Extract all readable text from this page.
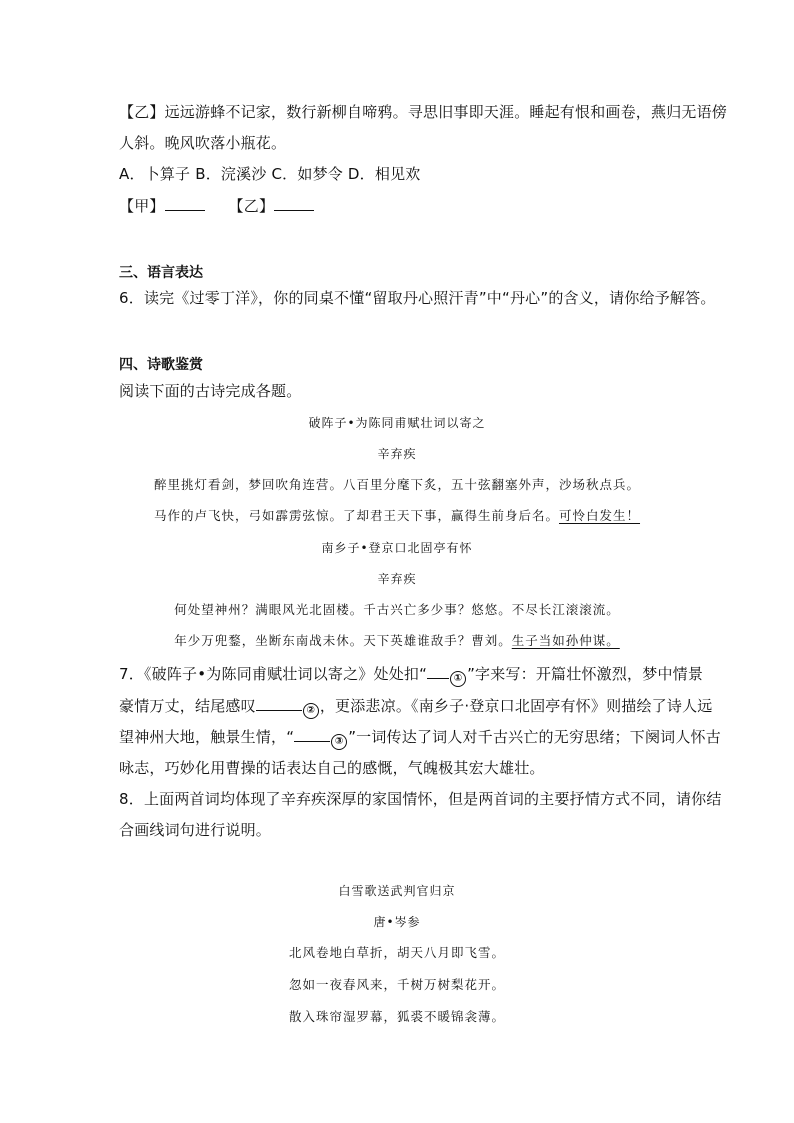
【乙】远远游蜂不记家，数行新柳自啼鸦。寻思旧事即天涯。睡起有恨和画卷，燕归无语傍
人斜。晚风吹落小瓶花。
A．卜算子 B．浣溪沙 C．如梦令 D．相见欢
【甲】	【乙】
三、语言表达
6．读完《过零丁洋》，你的同桌不懂“留取丹心照汗青”中“丹心”的含义，请你给予解答。
四、诗歌鉴赏
阅读下面的古诗完成各题。
破阵子•为陈同甫赋壮词以寄之
辛弃疾
醉里挑灯看剑，梦回吹角连营。八百里分麾下炙，五十弦翻塞外声，沙场秋点兵。
马作的卢飞快，弓如霹雳弦惊。了却君王天下事，赢得生前身后名。可怜白发生！
南乡子•登京口北固亭有怀
辛弃疾
何处望神州？满眼风光北固楼。千古兴亡多少事？悠悠。不尽长江滚滚流。
年少万兜鍪，坐断东南战未休。天下英雄谁敌手？曹刘。生子当如孙仲谋。
7．《破阵子•为陈同甫赋壮词以寄之》处处扣“	① ”字来写：开篇壮怀激烈，梦中情景
豪情万丈，结尾感叹	② ，更添悲凉。《南乡子·登京口北固亭有怀》则描绘了诗人远
望神州大地，触景生情，“	③ ”一词传达了词人对千古兴亡的无穷思绪；下阕词人怀古
咏志，巧妙化用曹操的话表达自己的感慨，气魄极其宏大雄壮。
8．上面两首词均体现了辛弃疾深厚的家国情怀，但是两首词的主要抒情方式不同，请你结
合画线词句进行说明。
白雪歌送武判官归京
唐•岑参
北风卷地白草折，胡天八月即飞雪。
忽如一夜春风来，千树万树梨花开。
散入珠帘湿罗幕，狐裘不暖锦衾薄。
